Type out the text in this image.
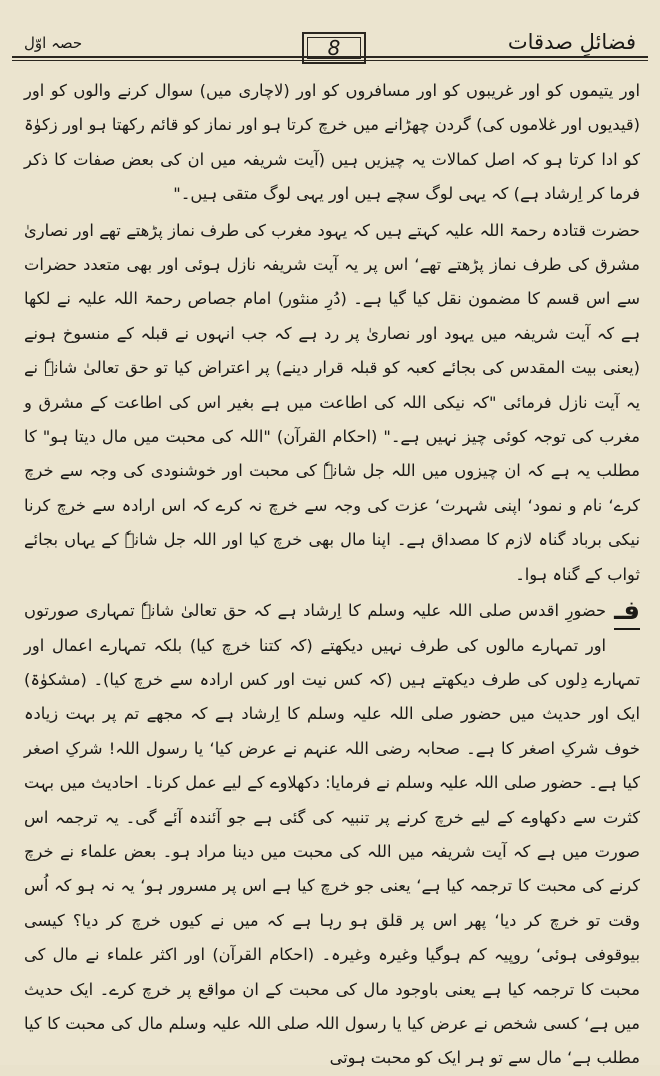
فضائلِ صدقات
8
حصہ اوّل

اور یتیموں کو اور غریبوں کو اور مسافروں کو اور (لاچاری میں) سوال کرنے والوں کو اور (قیدیوں اور غلاموں کی) گردن چھڑانے میں خرچ کرتا ہو اور نماز کو قائم رکھتا ہو اور زکوٰۃ کو ادا کرتا ہو کہ اصل کمالات یہ چیزیں ہیں (آیت شریفہ میں ان کی بعض صفات کا ذکر فرما کر اِرشاد ہے) کہ یہی لوگ سچے ہیں اور یہی لوگ متقی ہیں۔"

حضرت قتادہ رحمۃ اللہ علیہ کہتے ہیں کہ یہود مغرب کی طرف نماز پڑھتے تھے اور نصاریٰ مشرق کی طرف نماز پڑھتے تھے‘ اس پر یہ آیت شریفہ نازل ہوئی اور بھی متعدد حضرات سے اس قسم کا مضمون نقل کیا گیا ہے۔ (دُرِ منثور) امام جصاص رحمۃ اللہ علیہ نے لکھا ہے کہ آیت شریفہ میں یہود اور نصاریٰ پر رد ہے کہ جب انہوں نے قبلہ کے منسوخ ہونے (یعنی بیت المقدس کی بجائے کعبہ کو قبلہ قرار دینے) پر اعتراض کیا تو حق تعالیٰ شانہٗ نے یہ آیت نازل فرمائی "کہ نیکی اللہ کی اطاعت میں ہے بغیر اس کی اطاعت کے مشرق و مغرب کی توجہ کوئی چیز نہیں ہے۔" (احکام القرآن) "اللہ کی محبت میں مال دیتا ہو" کا مطلب یہ ہے کہ ان چیزوں میں اللہ جل شانہٗ کی محبت اور خوشنودی کی وجہ سے خرچ کرے‘ نام و نمود‘ اپنی شہرت‘ عزت کی وجہ سے خرچ نہ کرے کہ اس ارادہ سے خرچ کرنا نیکی برباد گناہ لازم کا مصداق ہے۔ اپنا مال بھی خرچ کیا اور اللہ جل شانہٗ کے یہاں بجائے ثواب کے گناہ ہوا۔

فـ
حضورِ اقدس صلی اللہ علیہ وسلم کا اِرشاد ہے کہ حق تعالیٰ شانہٗ تمہاری صورتوں اور تمہارے مالوں کی طرف نہیں دیکھتے (کہ کتنا خرچ کیا) بلکہ تمہارے اعمال اور تمہارے دِلوں کی طرف دیکھتے ہیں (کہ کس نیت اور کس ارادہ سے خرچ کیا)۔ (مشکوٰۃ) ایک اور حدیث میں حضور صلی اللہ علیہ وسلم کا اِرشاد ہے کہ مجھے تم پر بہت زیادہ خوف شرکِ اصغر کا ہے۔ صحابہ رضی اللہ عنہم نے عرض کیا‘ یا رسول اللہ! شرکِ اصغر کیا ہے۔ حضور صلی اللہ علیہ وسلم نے فرمایا: دکھلاوے کے لیے عمل کرنا۔ احادیث میں بہت کثرت سے دکھاوے کے لیے خرچ کرنے پر تنبیہ کی گئی ہے جو آئندہ آئے گی۔ یہ ترجمہ اس صورت میں ہے کہ آیت شریفہ میں اللہ کی محبت میں دینا مراد ہو۔ بعض علماء نے خرچ کرنے کی محبت کا ترجمہ کیا ہے‘ یعنی جو خرچ کیا ہے اس پر مسرور ہو‘ یہ نہ ہو کہ اُس وقت تو خرچ کر دیا‘ پھر اس پر قلق ہو رہا ہے کہ میں نے کیوں خرچ کر دیا؟ کیسی بیوقوفی ہوئی‘ روپیہ کم ہوگیا وغیرہ وغیرہ۔ (احکام القرآن) اور اکثر علماء نے مال کی محبت کا ترجمہ کیا ہے یعنی باوجود مال کی محبت کے ان مواقع پر خرچ کرے۔ ایک حدیث میں ہے‘ کسی شخص نے عرض کیا یا رسول اللہ صلی اللہ علیہ وسلم مال کی محبت کا کیا مطلب ہے‘ مال سے تو ہر ایک کو محبت ہوتی
